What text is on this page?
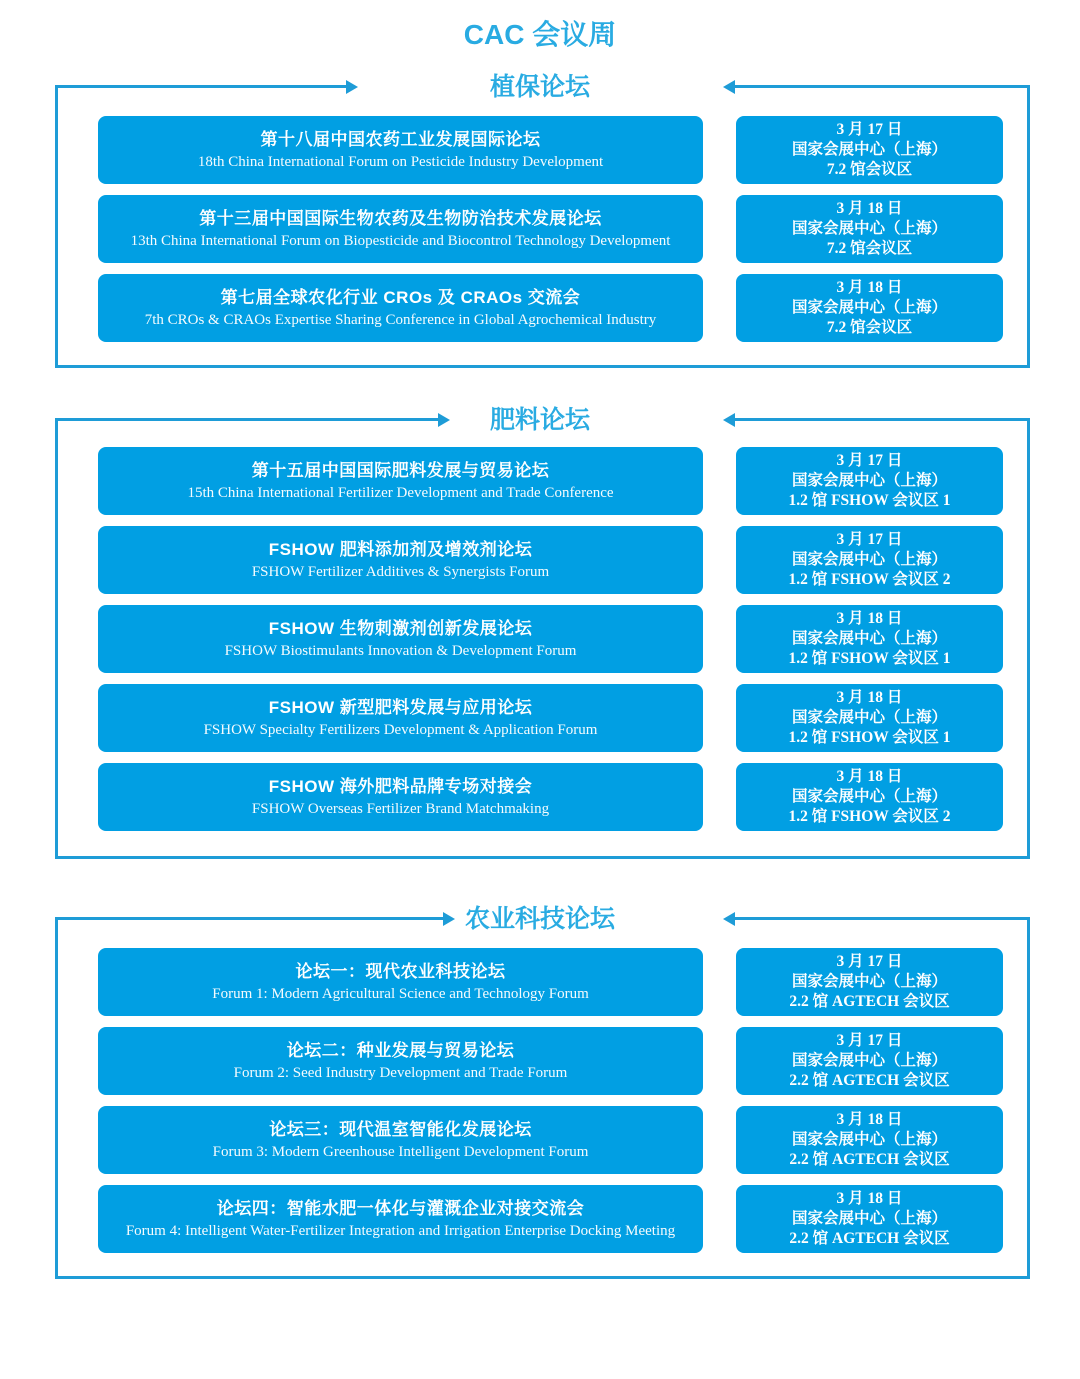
CAC 会议周
植保论坛
第十八届中国农药工业发展国际论坛
18th China International Forum on Pesticide Industry Development
3 月 17 日
国家会展中心（上海）
7.2 馆会议区
第十三届中国国际生物农药及生物防治技术发展论坛
13th China International Forum on Biopesticide and Biocontrol Technology Development
3 月 18 日
国家会展中心（上海）
7.2 馆会议区
第七届全球农化行业 CROs 及 CRAOs 交流会
7th CROs & CRAOs Expertise Sharing Conference in Global Agrochemical Industry
3 月 18 日
国家会展中心（上海）
7.2 馆会议区
肥料论坛
第十五届中国国际肥料发展与贸易论坛
15th China International Fertilizer Development and Trade Conference
3 月 17 日
国家会展中心（上海）
1.2 馆 FSHOW 会议区 1
FSHOW 肥料添加剂及增效剂论坛
FSHOW Fertilizer Additives & Synergists Forum
3 月 17 日
国家会展中心（上海）
1.2 馆 FSHOW 会议区 2
FSHOW 生物刺激剂创新发展论坛
FSHOW Biostimulants Innovation & Development Forum
3 月 18 日
国家会展中心（上海）
1.2 馆 FSHOW 会议区 1
FSHOW 新型肥料发展与应用论坛
FSHOW Specialty Fertilizers Development & Application Forum
3 月 18 日
国家会展中心（上海）
1.2 馆 FSHOW 会议区 1
FSHOW 海外肥料品牌专场对接会
FSHOW Overseas Fertilizer Brand Matchmaking
3 月 18 日
国家会展中心（上海）
1.2 馆 FSHOW 会议区 2
农业科技论坛
论坛一：现代农业科技论坛
Forum 1: Modern Agricultural Science and Technology Forum
3 月 17 日
国家会展中心（上海）
2.2 馆 AGTECH 会议区
论坛二：种业发展与贸易论坛
Forum 2: Seed Industry Development and Trade Forum
3 月 17 日
国家会展中心（上海）
2.2 馆 AGTECH 会议区
论坛三：现代温室智能化发展论坛
Forum 3: Modern Greenhouse Intelligent Development Forum
3 月 18 日
国家会展中心（上海）
2.2 馆 AGTECH 会议区
论坛四：智能水肥一体化与灌溉企业对接交流会
Forum 4: Intelligent Water-Fertilizer Integration and Irrigation Enterprise Docking Meeting
3 月 18 日
国家会展中心（上海）
2.2 馆 AGTECH 会议区
